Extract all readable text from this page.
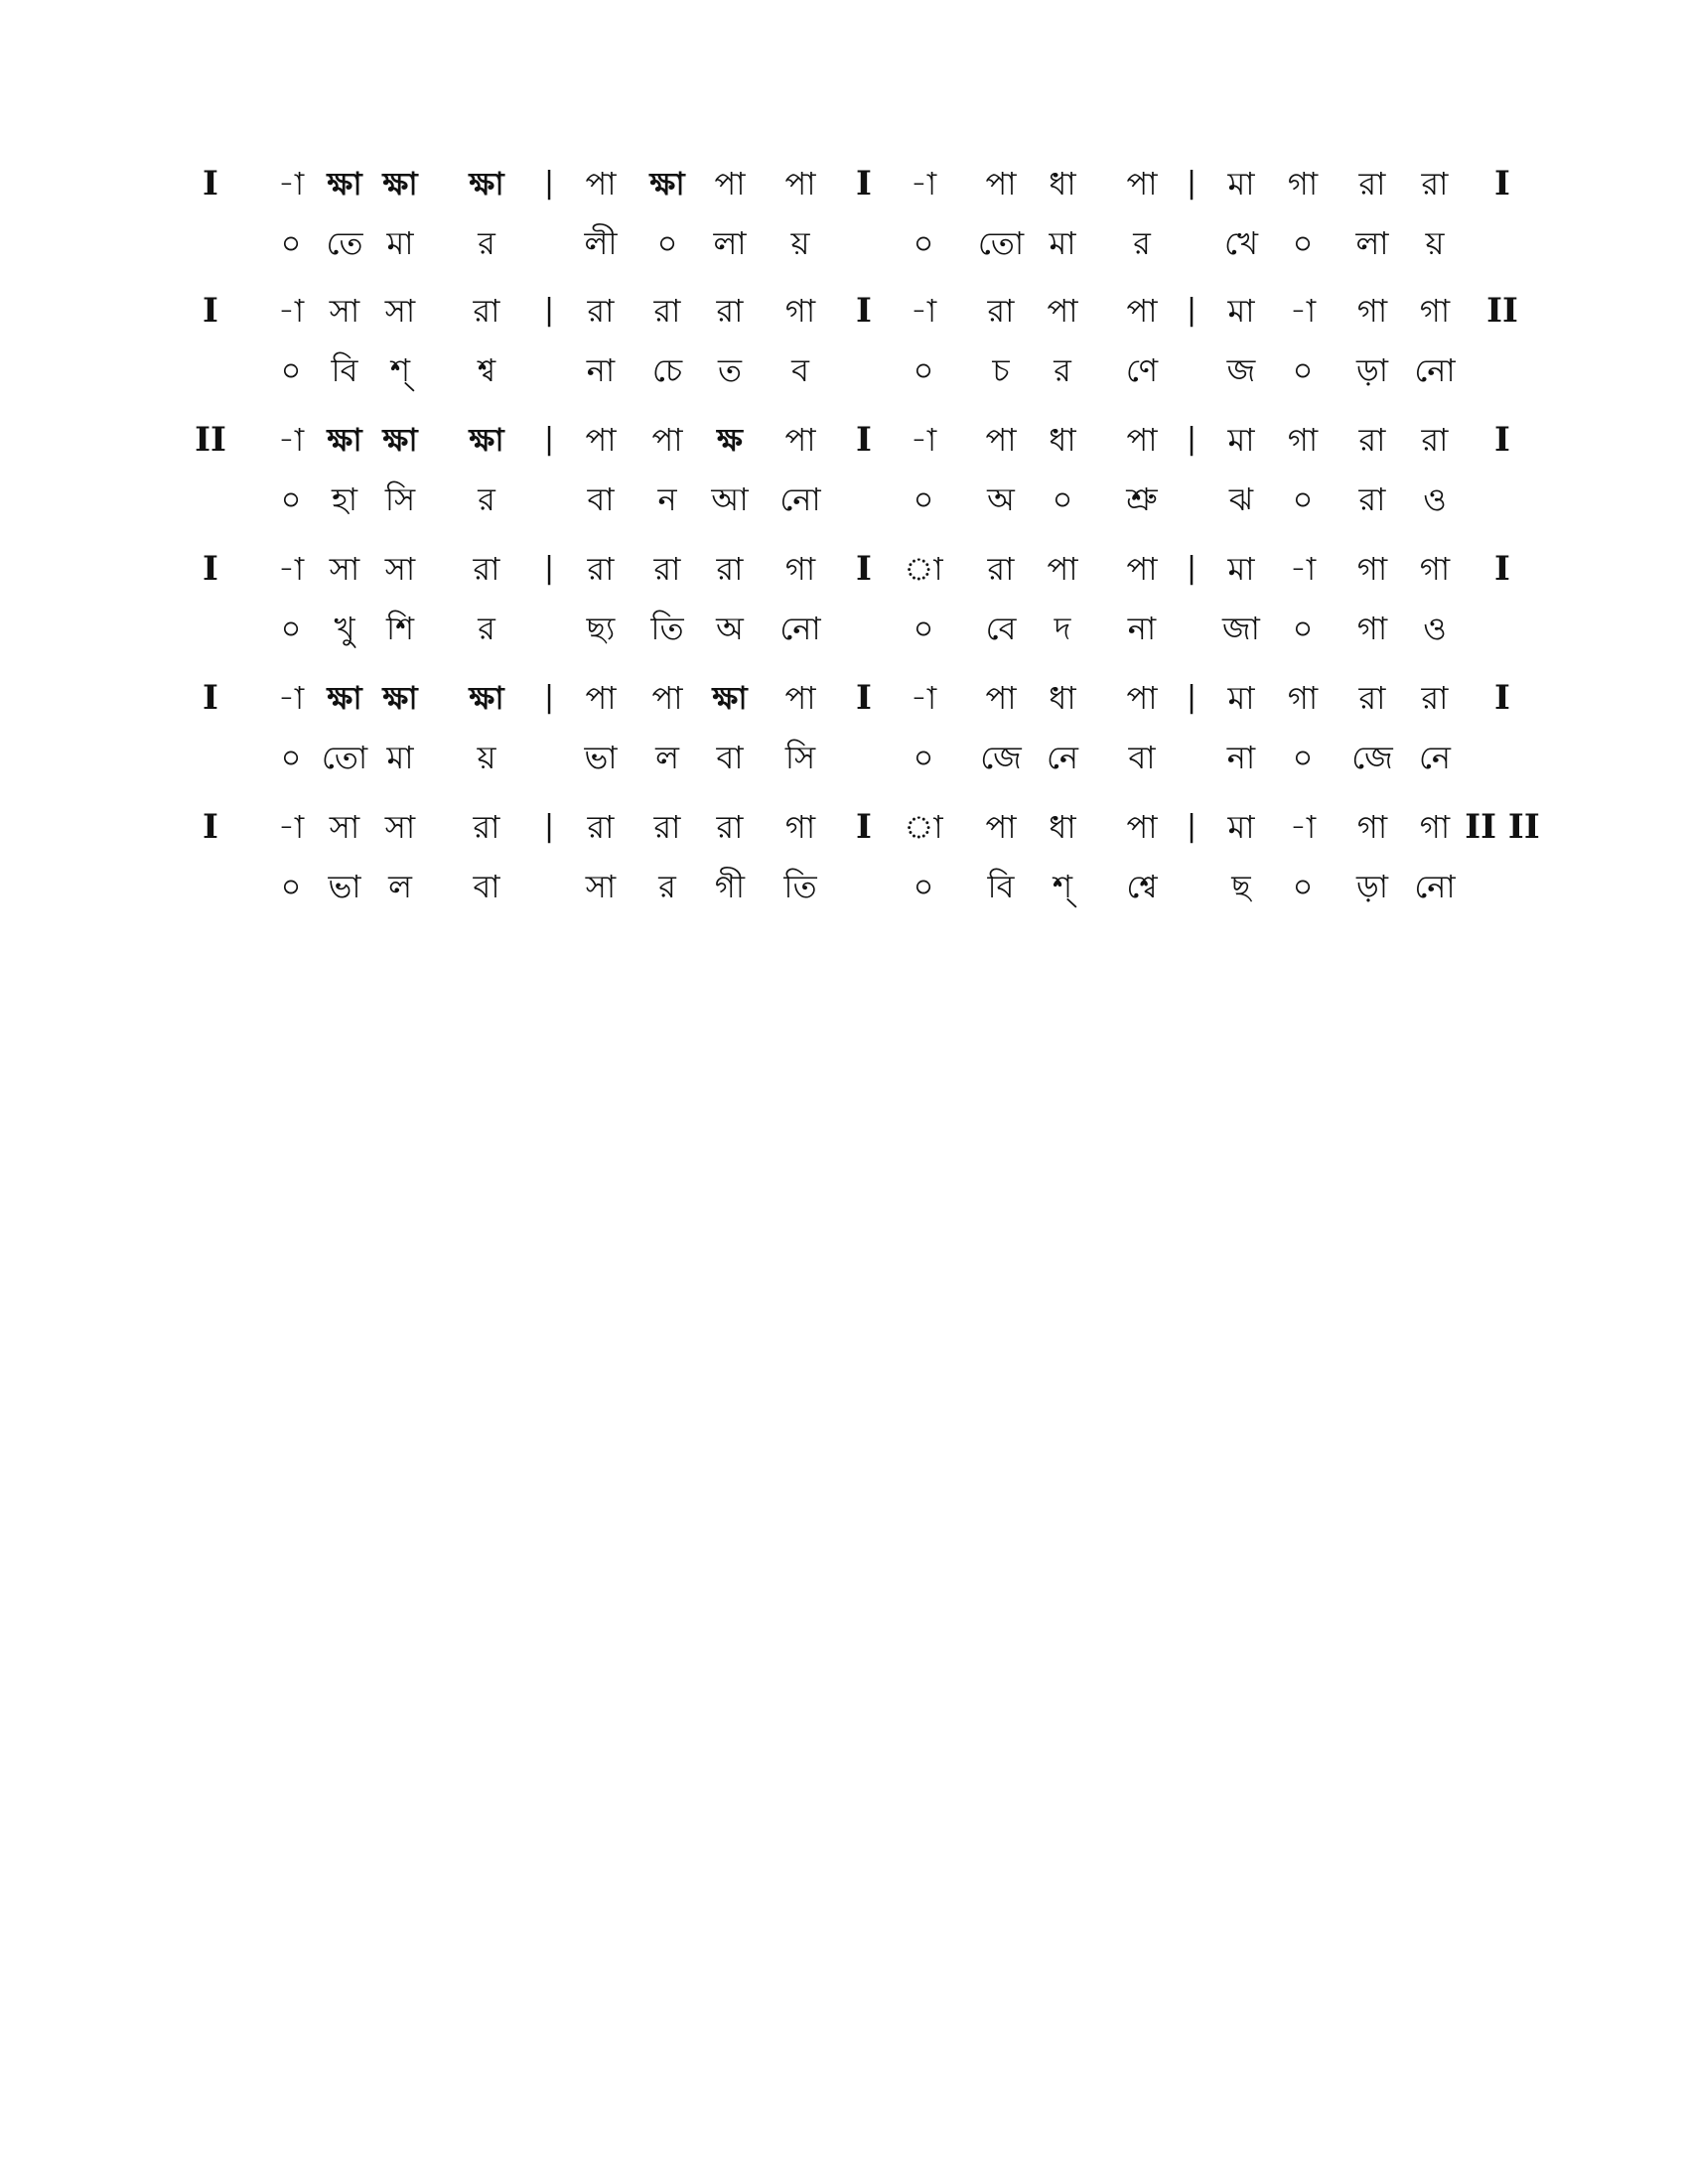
I -া ক্ষা ক্ষা ক্ষা | পা ক্ষা পা পা I -া পা ধা পা | মা গা রা রা I
০ তে মা র	লী ০ লা য়	০ তো মা র খে ০ লা য়
I -া সা সা রা | রা রা রা গা I -া রা পা পা | মা -া গা গা II
০ বি শ্ শ্ব	না চে ত ব	০ চ র ণে জ ০ ড়া নো
II -া ক্ষা ক্ষা ক্ষা | পা পা ক্ষ পা I -া পা ধা পা | মা গা রা রা I
০ হা সি র	বা ন আ নো	০ অ ০ শ্রু ঝ ০ রা ও
I -া সা সা রা | রা রা রা গা I া রা পা পা | মা -া গা গা I
০ খু শি র	ছ্য তি অ নো	০ বে দ না জা ০ গা ও
I -া ক্ষা ক্ষা ক্ষা | পা পা ক্ষা পা I -া পা ধা পা | মা গা রা রা I
০ তো মা য়	ভা ল বা সি	০ জে নে বা না ০ জে নে
I -া সা সা রা | রা রা রা গা I া পা ধা পা | মা -া গা গা II II
০ ভা ল বা	সা র গী তি	০ বি শ্ শ্বে ছ ০ ড়া নো
